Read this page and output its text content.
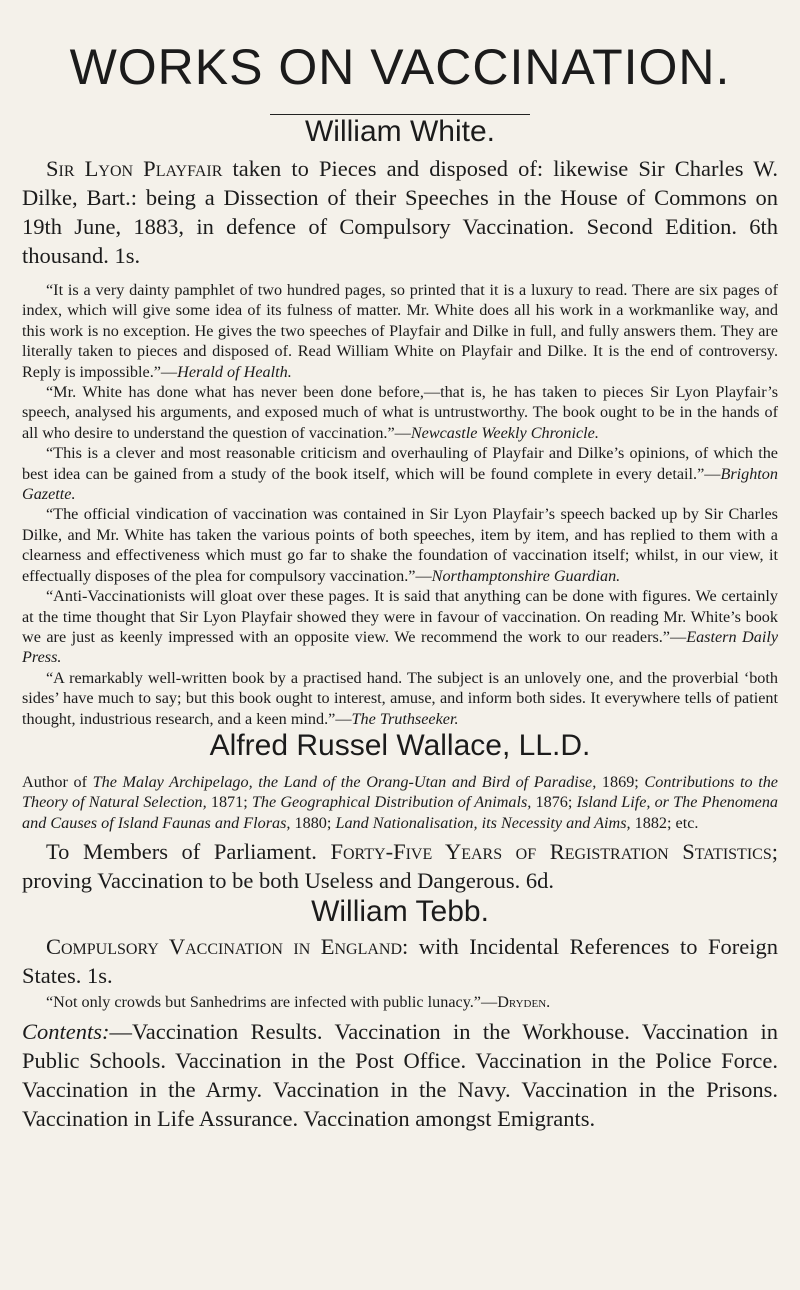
WORKS ON VACCINATION.
William White.

Sir Lyon Playfair taken to Pieces and disposed of: likewise Sir Charles W. Dilke, Bart.: being a Dissection of their Speeches in the House of Commons on 19th June, 1883, in defence of Compulsory Vaccination. Second Edition. 6th thousand. 1s.

“It is a very dainty pamphlet of two hundred pages, so printed that it is a luxury to read. There are six pages of index, which will give some idea of its fulness of matter. Mr. White does all his work in a workmanlike way, and this work is no exception. He gives the two speeches of Playfair and Dilke in full, and fully answers them. They are literally taken to pieces and disposed of. Read William White on Playfair and Dilke. It is the end of controversy. Reply is impossible.”—Herald of Health.

“Mr. White has done what has never been done before,—that is, he has taken to pieces Sir Lyon Playfair’s speech, analysed his arguments, and exposed much of what is untrustworthy. The book ought to be in the hands of all who desire to understand the question of vaccination.”—Newcastle Weekly Chronicle.

“This is a clever and most reasonable criticism and overhauling of Playfair and Dilke’s opinions, of which the best idea can be gained from a study of the book itself, which will be found complete in every detail.”—Brighton Gazette.

“The official vindication of vaccination was contained in Sir Lyon Playfair’s speech backed up by Sir Charles Dilke, and Mr. White has taken the various points of both speeches, item by item, and has replied to them with a clearness and effectiveness which must go far to shake the foundation of vaccination itself; whilst, in our view, it effectually disposes of the plea for compulsory vaccination.”—Northamptonshire Guardian.

“Anti-Vaccinationists will gloat over these pages. It is said that anything can be done with figures. We certainly at the time thought that Sir Lyon Playfair showed they were in favour of vaccination. On reading Mr. White’s book we are just as keenly impressed with an opposite view. We recommend the work to our readers.”—Eastern Daily Press.

“A remarkably well-written book by a practised hand. The subject is an unlovely one, and the proverbial ‘both sides’ have much to say; but this book ought to interest, amuse, and inform both sides. It everywhere tells of patient thought, industrious research, and a keen mind.”—The Truthseeker.

Alfred Russel Wallace, LL.D.

Author of The Malay Archipelago, the Land of the Orang-Utan and Bird of Paradise, 1869; Contributions to the Theory of Natural Selection, 1871; The Geographical Distribution of Animals, 1876; Island Life, or The Phenomena and Causes of Island Faunas and Floras, 1880; Land Nationalisation, its Necessity and Aims, 1882; etc.

To Members of Parliament. Forty-Five Years of Registration Statistics; proving Vaccination to be both Useless and Dangerous. 6d.

William Tebb.

Compulsory Vaccination in England: with Incidental References to Foreign States. 1s.

“Not only crowds but Sanhedrims are infected with public lunacy.”—Dryden.

Contents:—Vaccination Results. Vaccination in the Workhouse. Vaccination in Public Schools. Vaccination in the Post Office. Vaccination in the Police Force. Vaccination in the Army. Vaccination in the Navy. Vaccination in the Prisons. Vaccination in Life Assurance. Vaccination amongst Emigrants.
